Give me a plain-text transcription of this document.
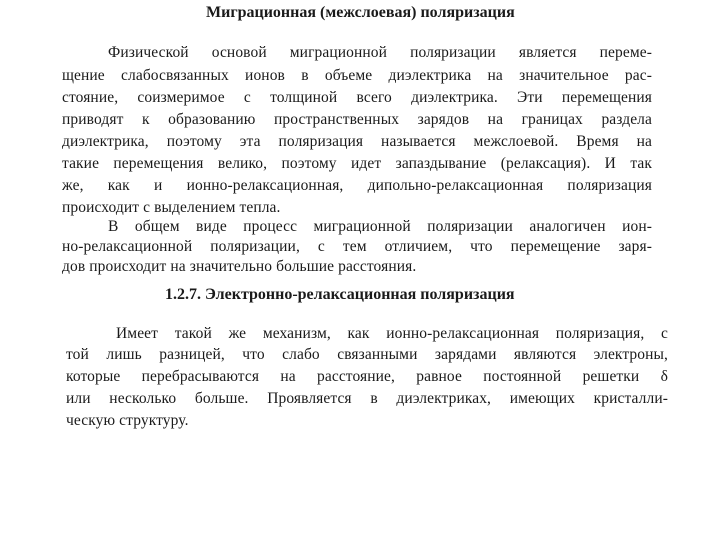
Миграционная (межслоевая) поляризация
Физической основой миграционной поляризации является переме-
щение слабосвязанных ионов в объеме диэлектрика на значительное рас-
стояние, соизмеримое с толщиной всего диэлектрика. Эти перемещения
приводят к образованию пространственных зарядов на границах раздела
диэлектрика, поэтому эта поляризация называется межслоевой. Время на
такие перемещения велико, поэтому идет запаздывание (релаксация). И так
же, как и ионно-релаксационная, дипольно-релаксационная поляризация
происходит с выделением тепла.
В общем виде процесс миграционной поляризации аналогичен ион-
но-релаксационной поляризации, с тем отличием, что перемещение заря-
дов происходит на значительно большие расстояния.
1.2.7. Электронно-релаксационная поляризация
Имеет такой же механизм, как ионно-релаксационная поляризация, с
той лишь разницей, что слабо связанными зарядами являются электроны,
которые перебрасываются на расстояние, равное постоянной решетки δ
или несколько больше. Проявляется в диэлектриках, имеющих кристалли-
ческую структуру.
